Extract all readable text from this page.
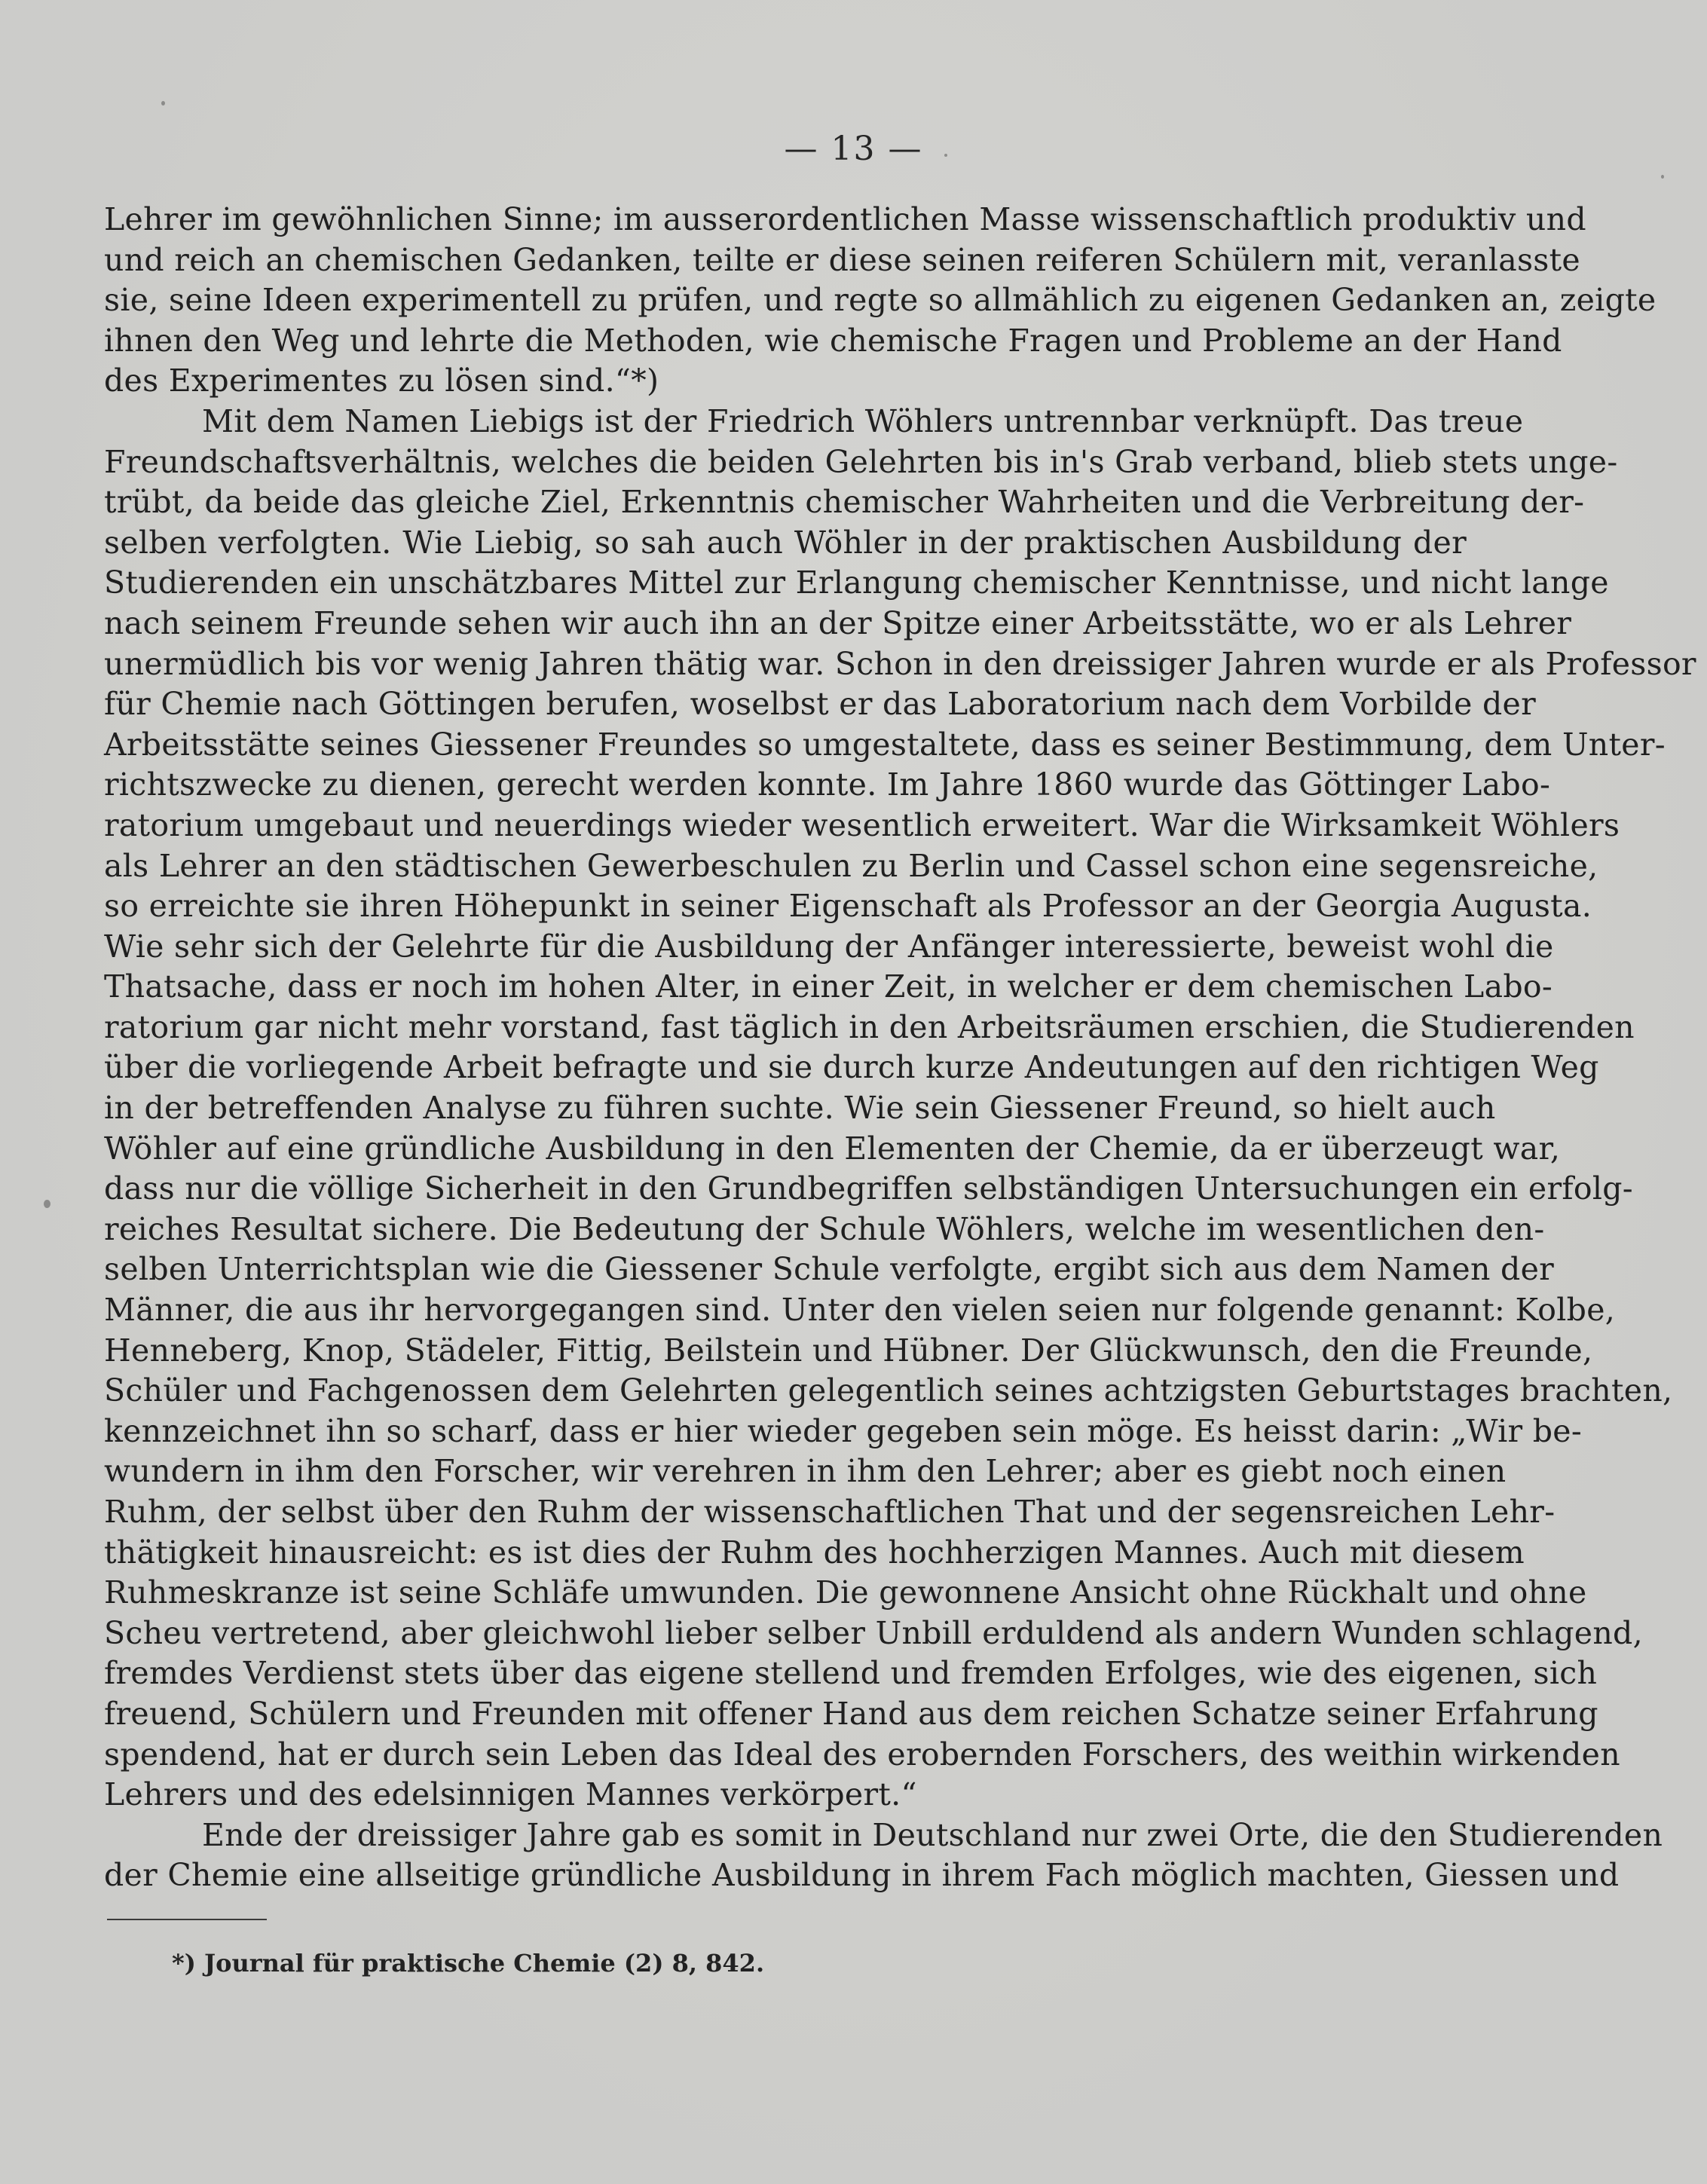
— 13 —
Lehrer im gewöhnlichen Sinne; im ausserordentlichen Masse wissenschaftlich produktiv und
und reich an chemischen Gedanken, teilte er diese seinen reiferen Schülern mit, veranlasste
sie, seine Ideen experimentell zu prüfen, und regte so allmählich zu eigenen Gedanken an, zeigte
ihnen den Weg und lehrte die Methoden, wie chemische Fragen und Probleme an der Hand
des Experimentes zu lösen sind.“*)
Mit dem Namen Liebigs ist der Friedrich Wöhlers untrennbar verknüpft. Das treue
Freundschaftsverhältnis, welches die beiden Gelehrten bis in's Grab verband, blieb stets unge-
trübt, da beide das gleiche Ziel, Erkenntnis chemischer Wahrheiten und die Verbreitung der-
selben verfolgten. Wie Liebig, so sah auch Wöhler in der praktischen Ausbildung der
Studierenden ein unschätzbares Mittel zur Erlangung chemischer Kenntnisse, und nicht lange
nach seinem Freunde sehen wir auch ihn an der Spitze einer Arbeitsstätte, wo er als Lehrer
unermüdlich bis vor wenig Jahren thätig war. Schon in den dreissiger Jahren wurde er als Professor
für Chemie nach Göttingen berufen, woselbst er das Laboratorium nach dem Vorbilde der
Arbeitsstätte seines Giessener Freundes so umgestaltete, dass es seiner Bestimmung, dem Unter-
richtszwecke zu dienen, gerecht werden konnte. Im Jahre 1860 wurde das Göttinger Labo-
ratorium umgebaut und neuerdings wieder wesentlich erweitert. War die Wirksamkeit Wöhlers
als Lehrer an den städtischen Gewerbeschulen zu Berlin und Cassel schon eine segensreiche,
so erreichte sie ihren Höhepunkt in seiner Eigenschaft als Professor an der Georgia Augusta.
Wie sehr sich der Gelehrte für die Ausbildung der Anfänger interessierte, beweist wohl die
Thatsache, dass er noch im hohen Alter, in einer Zeit, in welcher er dem chemischen Labo-
ratorium gar nicht mehr vorstand, fast täglich in den Arbeitsräumen erschien, die Studierenden
über die vorliegende Arbeit befragte und sie durch kurze Andeutungen auf den richtigen Weg
in der betreffenden Analyse zu führen suchte. Wie sein Giessener Freund, so hielt auch
Wöhler auf eine gründliche Ausbildung in den Elementen der Chemie, da er überzeugt war,
dass nur die völlige Sicherheit in den Grundbegriffen selbständigen Untersuchungen ein erfolg-
reiches Resultat sichere. Die Bedeutung der Schule Wöhlers, welche im wesentlichen den-
selben Unterrichtsplan wie die Giessener Schule verfolgte, ergibt sich aus dem Namen der
Männer, die aus ihr hervorgegangen sind. Unter den vielen seien nur folgende genannt: Kolbe,
Henneberg, Knop, Städeler, Fittig, Beilstein und Hübner. Der Glückwunsch, den die Freunde,
Schüler und Fachgenossen dem Gelehrten gelegentlich seines achtzigsten Geburtstages brachten,
kennzeichnet ihn so scharf, dass er hier wieder gegeben sein möge. Es heisst darin: „Wir be-
wundern in ihm den Forscher, wir verehren in ihm den Lehrer; aber es giebt noch einen
Ruhm, der selbst über den Ruhm der wissenschaftlichen That und der segensreichen Lehr-
thätigkeit hinausreicht: es ist dies der Ruhm des hochherzigen Mannes. Auch mit diesem
Ruhmeskranze ist seine Schläfe umwunden. Die gewonnene Ansicht ohne Rückhalt und ohne
Scheu vertretend, aber gleichwohl lieber selber Unbill erduldend als andern Wunden schlagend,
fremdes Verdienst stets über das eigene stellend und fremden Erfolges, wie des eigenen, sich
freuend, Schülern und Freunden mit offener Hand aus dem reichen Schatze seiner Erfahrung
spendend, hat er durch sein Leben das Ideal des erobernden Forschers, des weithin wirkenden
Lehrers und des edelsinnigen Mannes verkörpert.“
Ende der dreissiger Jahre gab es somit in Deutschland nur zwei Orte, die den Studierenden
der Chemie eine allseitige gründliche Ausbildung in ihrem Fach möglich machten, Giessen und
*) Journal für praktische Chemie (2) 8, 842.
